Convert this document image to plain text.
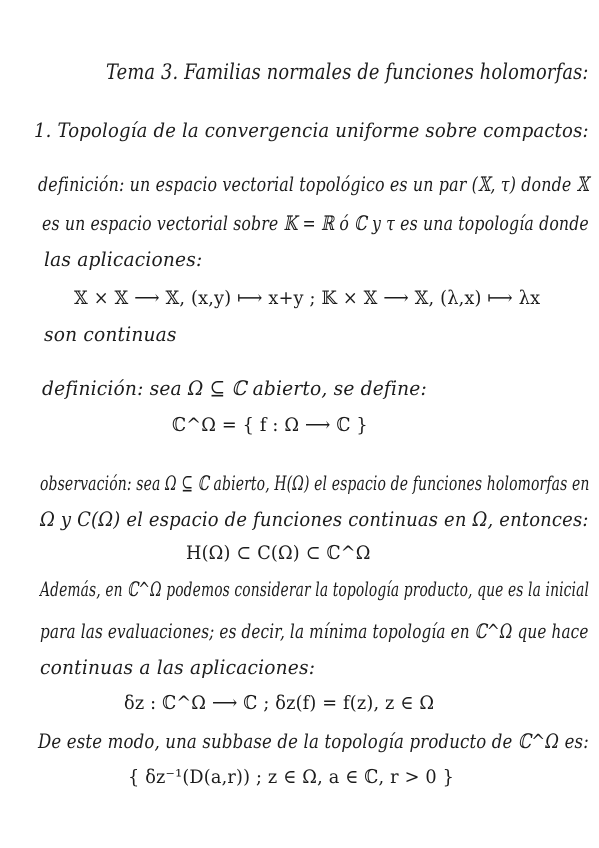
Tema 3. Familias normales de funciones holomorfas:
1. Topología de la convergencia uniforme sobre compactos:
definición: un espacio vectorial topológico es un par (𝕏, τ) donde 𝕏
es un espacio vectorial sobre 𝕂 = ℝ ó ℂ y τ es una topología donde
las aplicaciones:
𝕏 × 𝕏 ⟶ 𝕏, (x,y) ⟼ x+y ; 𝕂 × 𝕏 ⟶ 𝕏, (λ,x) ⟼ λx
son continuas
definición: sea Ω ⊆ ℂ abierto, se define:
ℂ^Ω = { f : Ω ⟶ ℂ }
observación: sea Ω ⊆ ℂ abierto, H(Ω) el espacio de funciones holomorfas en
Ω y C(Ω) el espacio de funciones continuas en Ω, entonces:
H(Ω) ⊂ C(Ω) ⊂ ℂ^Ω
Además, en ℂ^Ω podemos considerar la topología producto, que es la inicial
para las evaluaciones; es decir, la mínima topología en ℂ^Ω que hace
continuas a las aplicaciones:
δz : ℂ^Ω ⟶ ℂ ; δz(f) = f(z), z ∈ Ω
De este modo, una subbase de la topología producto de ℂ^Ω es:
{ δz⁻¹(D(a,r)) ; z ∈ Ω, a ∈ ℂ, r > 0 }
